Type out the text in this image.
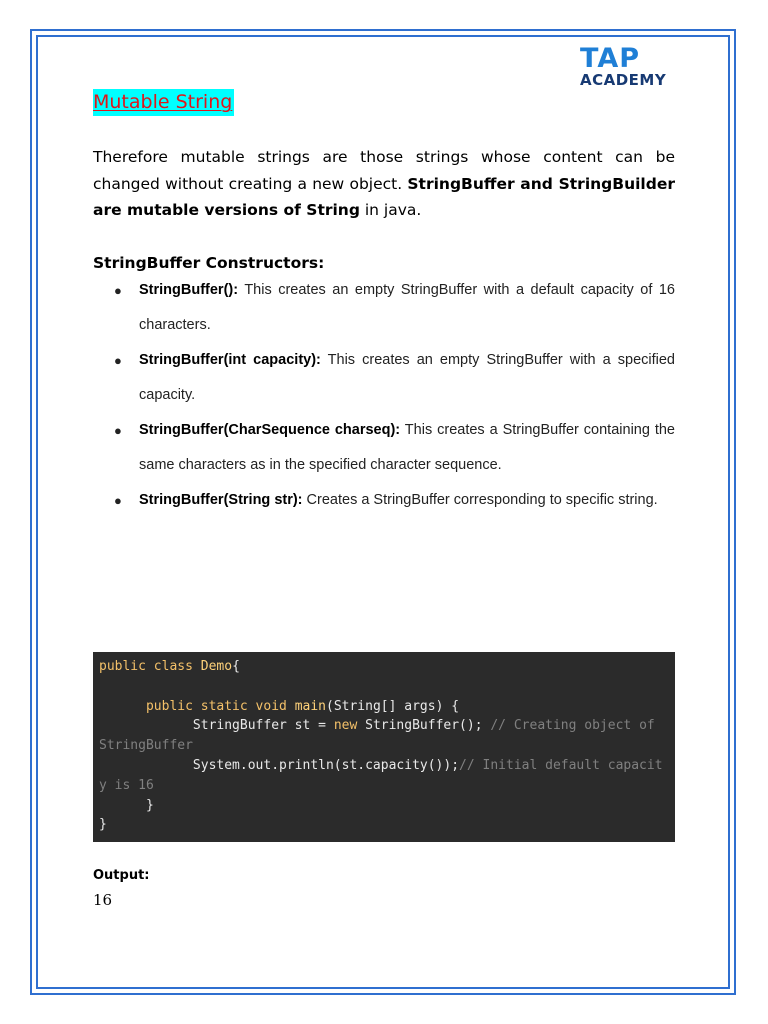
TAP
ACADEMY
Mutable String
Therefore mutable strings are those strings whose content can be changed without creating a new object. StringBuffer and StringBuilder are mutable versions of String in java.
StringBuffer Constructors:
● StringBuffer(): This creates an empty StringBuffer with a default capacity of 16 characters.
● StringBuffer(int capacity): This creates an empty StringBuffer with a specified capacity.
● StringBuffer(CharSequence charseq): This creates a StringBuffer containing the same characters as in the specified character sequence.
● StringBuffer(String str): Creates a StringBuffer corresponding to specific string.
public class Demo{

public static void main(String[] args) {
StringBuffer st = new StringBuffer(); // Creating object of StringBuffer
System.out.println(st.capacity());// Initial default capacity is 16
}
}
Output:
16
